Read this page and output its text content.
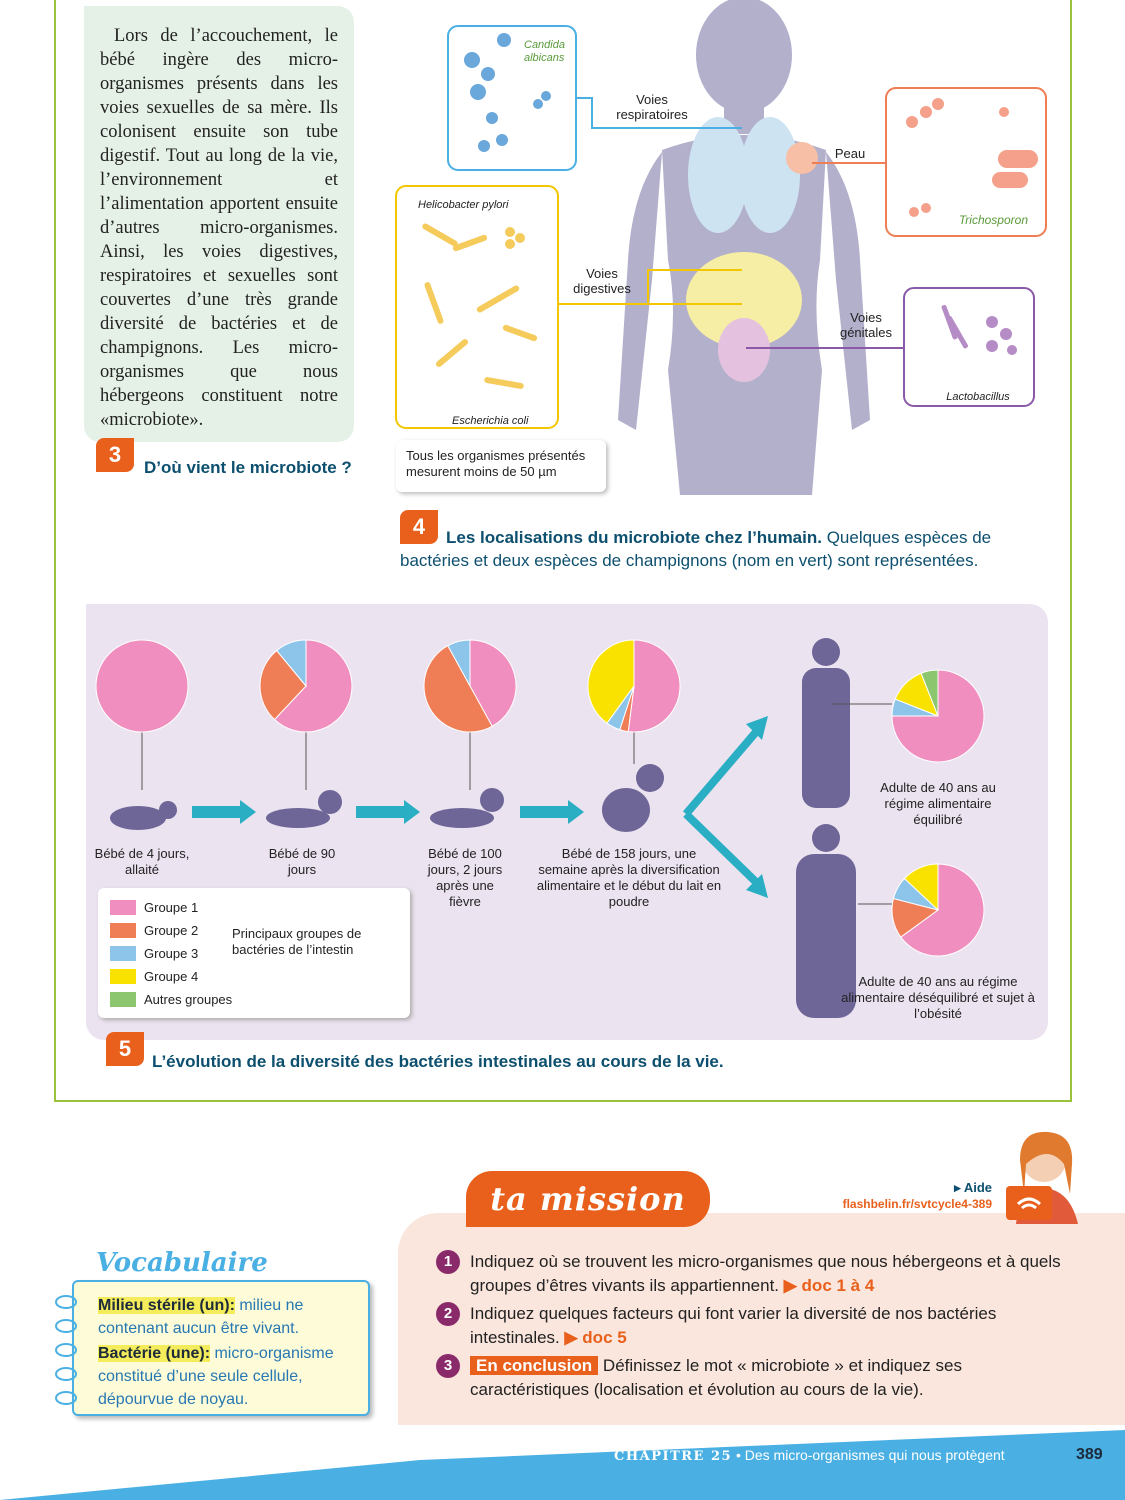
Lors de l’accouchement, le bébé ingère des micro-organismes présents dans les voies sexuelles de sa mère. Ils colonisent ensuite son tube digestif. Tout au long de la vie, l’environnement et l’alimentation apportent ensuite d’autres micro-organismes. Ainsi, les voies digestives, respiratoires et sexuelles sont couvertes d’une très grande diversité de bactéries et de champignons. Les micro-organismes que nous hébergeons constituent notre «microbiote».

3
D’où vient le microbiote ?
Candida albicans
Voies respiratoires
Trichosporon
Peau
Helicobacter pylori
Escherichia coli
Voies digestives
Lactobacillus
Voies génitales
Tous les organismes présentés mesurent moins de 50 µm
4	Les localisations du microbiote chez l’humain. Quelques espèces de bactéries et deux espèces de champignons (nom en vert) sont représentées.
Bébé de 4 jours, allaité
Bébé de 90 jours
Bébé de 100 jours, 2 jours après une fièvre
Bébé de 158 jours, une semaine après la diversification alimentaire et le début du lait en poudre
Adulte de 40 ans au régime alimentaire équilibré
Adulte de 40 ans au régime alimentaire déséquilibré et sujet à l’obésité
Groupe 1
Groupe 2
Groupe 3
Groupe 4
Autres groupes
Principaux groupes de bactéries de l’intestin
5
L’évolution de la diversité des bactéries intestinales au cours de la vie.
ta mission	▸ Aide
flashbelin.fr/svtcycle4-389
1	Indiquez où se trouvent les micro-organismes que nous hébergeons et à quels groupes d’êtres vivants ils appartiennent. ▶ doc 1 à 4
2	Indiquez quelques facteurs qui font varier la diversité de nos bactéries intestinales. ▶ doc 5
3	En conclusion Définissez le mot « microbiote » et indiquez ses caractéristiques (localisation et évolution au cours de la vie).
Vocabulaire
Milieu stérile (un): milieu ne contenant aucun être vivant.
Bactérie (une): micro-organisme constitué d’une seule cellule, dépourvue de noyau.
CHAPITRE 25 • Des micro-organismes qui nous protègent	389
